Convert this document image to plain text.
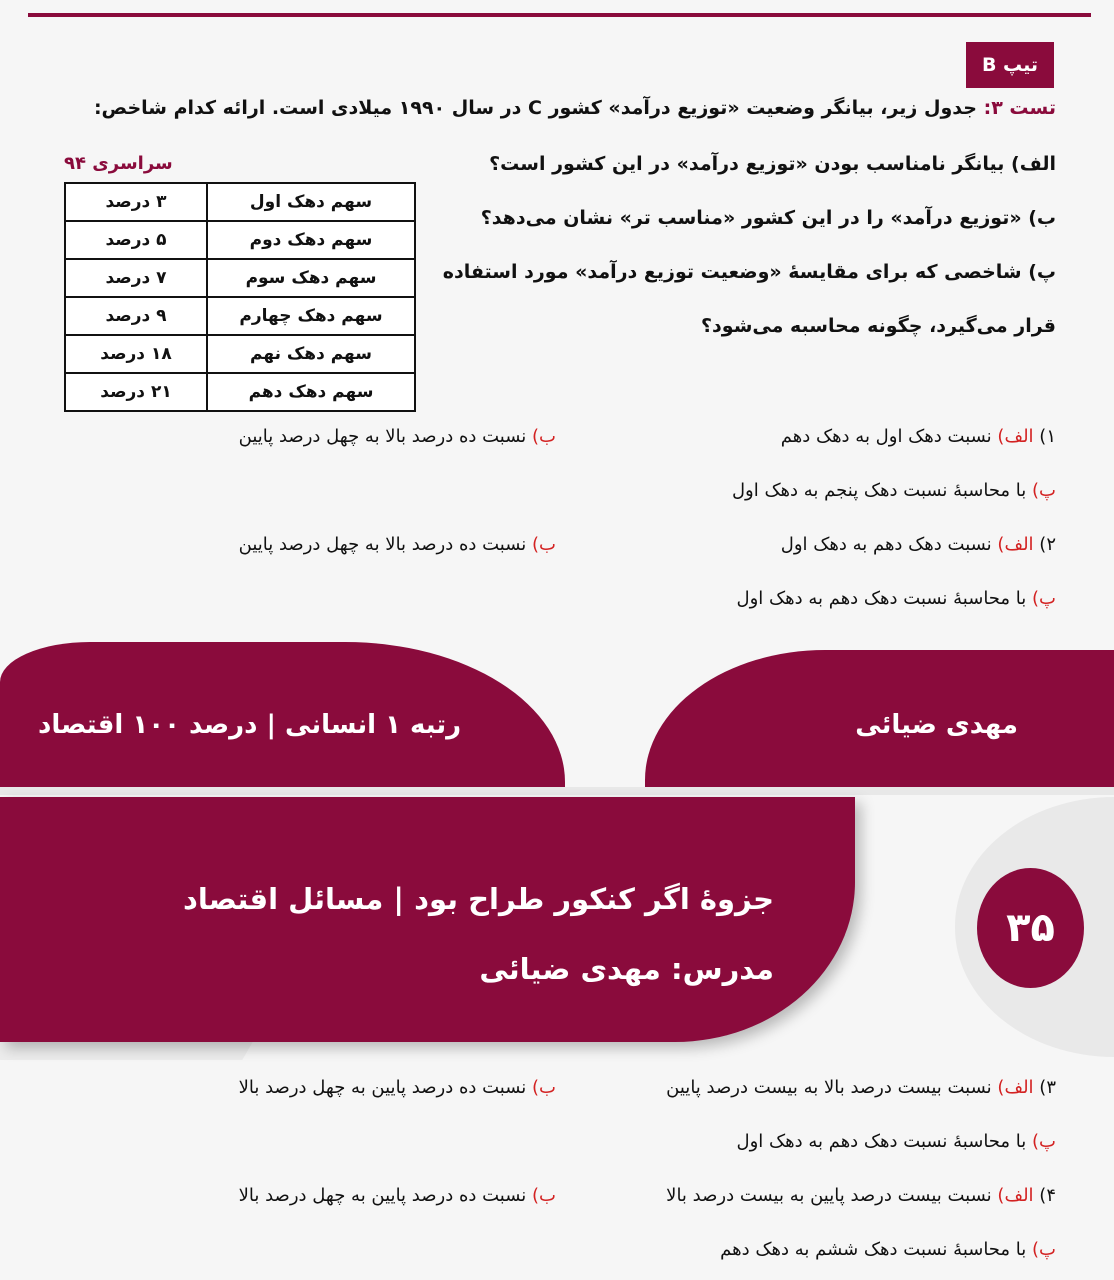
تیپ B
تست ۳: جدول زیر، بیانگر وضعیت «توزیع درآمد» کشور C در سال ۱۹۹۰ میلادی است. ارائه کدام شاخص:
الف) بیانگر نامناسب بودن «توزیع درآمد» در این کشور است؟
ب) «توزیع درآمد» را در این کشور «مناسب تر» نشان می‌دهد؟
پ) شاخصی که برای مقایسهٔ «وضعیت توزیع درآمد» مورد استفاده
قرار می‌گیرد، چگونه محاسبه می‌شود؟
سراسری ۹۴
سهم دهک اول	۳ درصد
سهم دهک دوم	۵ درصد
سهم دهک سوم	۷ درصد
سهم دهک چهارم	۹ درصد
سهم دهک نهم	۱۸ درصد
سهم دهک دهم	۲۱ درصد
۱) الف) نسبت دهک اول به دهک دهم
ب) نسبت ده درصد بالا به چهل درصد پایین
پ) با محاسبهٔ نسبت دهک پنجم به دهک اول
۲) الف) نسبت دهک دهم به دهک اول
ب) نسبت ده درصد بالا به چهل درصد پایین
پ) با محاسبهٔ نسبت دهک دهم به دهک اول
رتبه ۱ انسانی | درصد ۱۰۰ اقتصاد	مهدی ضیائی
جزوهٔ اگر کنکور طراح بود | مسائل اقتصاد
مدرس: مهدی ضیائی
۳۵
۳) الف) نسبت بیست درصد بالا به بیست درصد پایین
ب) نسبت ده درصد پایین به چهل درصد بالا
پ) با محاسبهٔ نسبت دهک دهم به دهک اول
۴) الف) نسبت بیست درصد پایین به بیست درصد بالا
ب) نسبت ده درصد پایین به چهل درصد بالا
پ) با محاسبهٔ نسبت دهک ششم به دهک دهم
